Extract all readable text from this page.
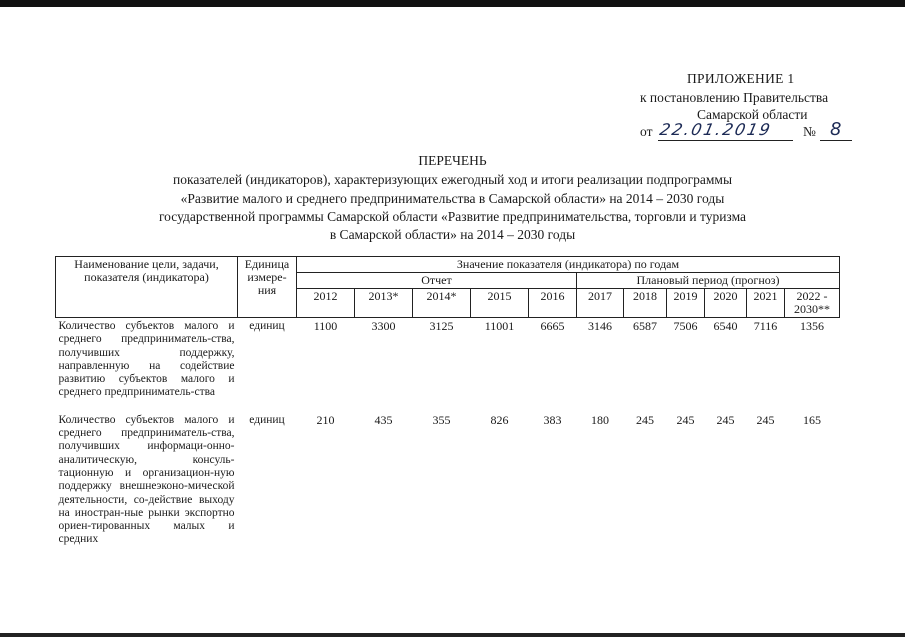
ПРИЛОЖЕНИЕ 1
к постановлению Правительства
Самарской области
от 22.01.2019 № 8
ПЕРЕЧЕНЬ
показателей (индикаторов), характеризующих ежегодный ход и итоги реализации подпрограммы
«Развитие малого и среднего предпринимательства в Самарской области» на 2014 – 2030 годы
государственной программы Самарской области «Развитие предпринимательства, торговли и туризма
в Самарской области» на 2014 – 2030 годы
Наименование цели, задачи, показателя (индикатора)	Единица измере-ния	Значение показателя (индикатора) по годам										
		Отчет					Плановый период (прогноз)					
		2012	2013*	2014*	2015	2016	2017	2018	2019	2020	2021	2022 - 2030**
Количество субъектов малого и среднего предприниматель-ства, получивших поддержку, направленную на содействие развитию субъектов малого и среднего предприниматель-ства	единиц	1100	3300	3125	11001	6665	3146	6587	7506	6540	7116	1356

Количество субъектов малого и среднего предприниматель-ства, получивших информаци-онно-аналитическую, консуль-тационную и организацион-ную поддержку внешнеэконо-мической деятельности, со-действие выходу на иностран-ные рынки экспортно ориен-тированных малых и средних	единиц	210	435	355	826	383	180	245	245	245	245	165
